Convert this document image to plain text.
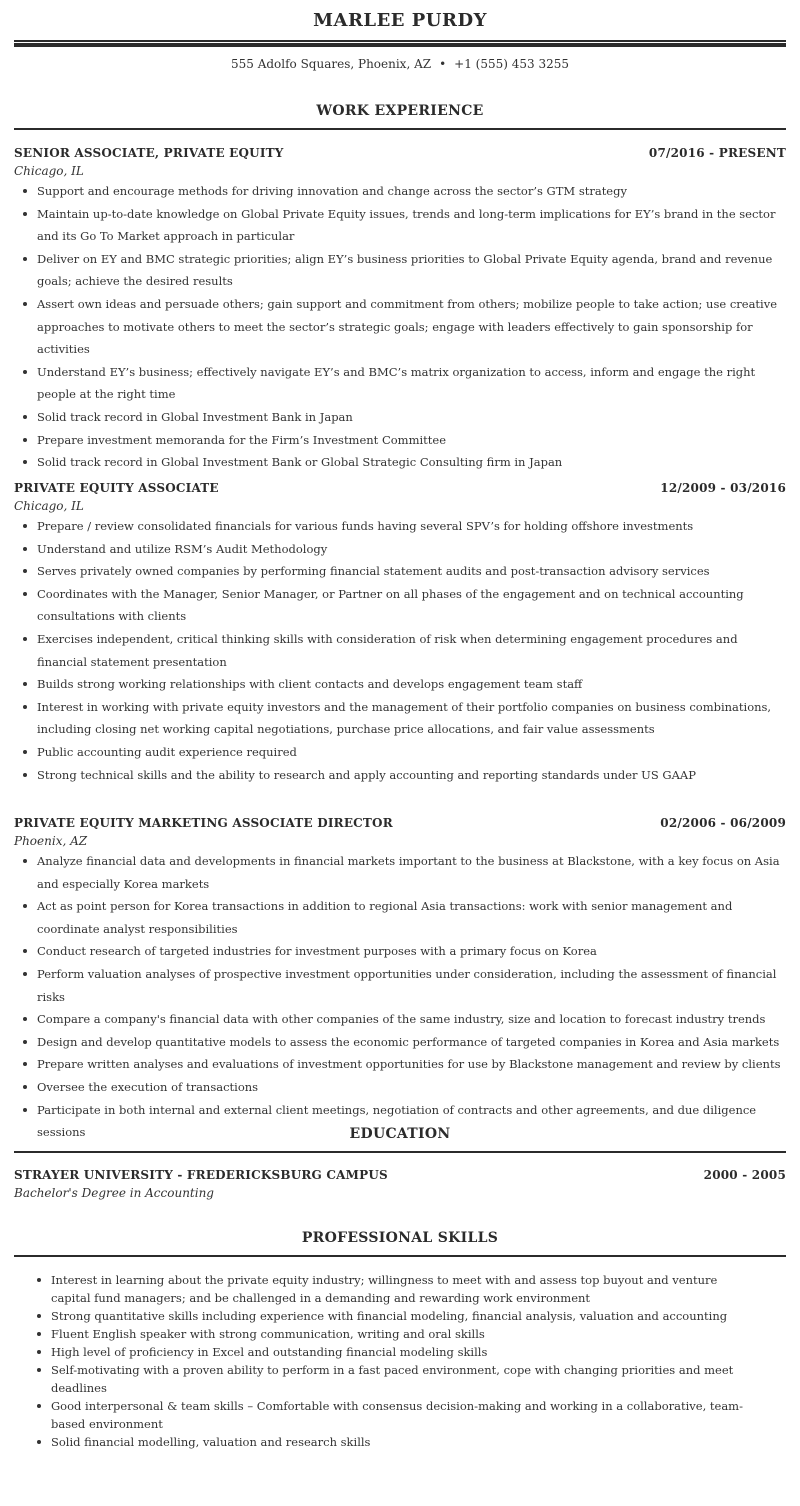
MARLEE PURDY
555 Adolfo Squares, Phoenix, AZ • +1 (555) 453 3255
WORK EXPERIENCE
SENIOR ASSOCIATE, PRIVATE EQUITY	07/2016 - PRESENT
Chicago, IL
Support and encourage methods for driving innovation and change across the sector’s GTM strategy
Maintain up-to-date knowledge on Global Private Equity issues, trends and long-term implications for EY’s brand in the sector and its Go To Market approach in particular
Deliver on EY and BMC strategic priorities; align EY’s business priorities to Global Private Equity agenda, brand and revenue goals; achieve the desired results
Assert own ideas and persuade others; gain support and commitment from others; mobilize people to take action; use creative approaches to motivate others to meet the sector’s strategic goals; engage with leaders effectively to gain sponsorship for activities
Understand EY’s business; effectively navigate EY’s and BMC’s matrix organization to access, inform and engage the right people at the right time
Solid track record in Global Investment Bank in Japan
Prepare investment memoranda for the Firm’s Investment Committee
Solid track record in Global Investment Bank or Global Strategic Consulting firm in Japan
PRIVATE EQUITY ASSOCIATE	12/2009 - 03/2016
Chicago, IL
Prepare / review consolidated financials for various funds having several SPV’s for holding offshore investments
Understand and utilize RSM’s Audit Methodology
Serves privately owned companies by performing financial statement audits and post-transaction advisory services
Coordinates with the Manager, Senior Manager, or Partner on all phases of the engagement and on technical accounting consultations with clients
Exercises independent, critical thinking skills with consideration of risk when determining engagement procedures and financial statement presentation
Builds strong working relationships with client contacts and develops engagement team staff
Interest in working with private equity investors and the management of their portfolio companies on business combinations, including closing net working capital negotiations, purchase price allocations, and fair value assessments
Public accounting audit experience required
Strong technical skills and the ability to research and apply accounting and reporting standards under US GAAP
PRIVATE EQUITY MARKETING ASSOCIATE DIRECTOR	02/2006 - 06/2009
Phoenix, AZ
Analyze financial data and developments in financial markets important to the business at Blackstone, with a key focus on Asia and especially Korea markets
Act as point person for Korea transactions in addition to regional Asia transactions: work with senior management and coordinate analyst responsibilities
Conduct research of targeted industries for investment purposes with a primary focus on Korea
Perform valuation analyses of prospective investment opportunities under consideration, including the assessment of financial risks
Compare a company's financial data with other companies of the same industry, size and location to forecast industry trends
Design and develop quantitative models to assess the economic performance of targeted companies in Korea and Asia markets
Prepare written analyses and evaluations of investment opportunities for use by Blackstone management and review by clients
Oversee the execution of transactions
Participate in both internal and external client meetings, negotiation of contracts and other agreements, and due diligence sessions	EDUCATION
STRAYER UNIVERSITY - FREDERICKSBURG CAMPUS	2000 - 2005
Bachelor's Degree in Accounting
PROFESSIONAL SKILLS
Interest in learning about the private equity industry; willingness to meet with and assess top buyout and venture capital fund managers; and be challenged in a demanding and rewarding work environment
Strong quantitative skills including experience with financial modeling, financial analysis, valuation and accounting
Fluent English speaker with strong communication, writing and oral skills
High level of proficiency in Excel and outstanding financial modeling skills
Self-motivating with a proven ability to perform in a fast paced environment, cope with changing priorities and meet deadlines
Good interpersonal & team skills – Comfortable with consensus decision-making and working in a collaborative, team-based environment
Solid financial modelling, valuation and research skills
